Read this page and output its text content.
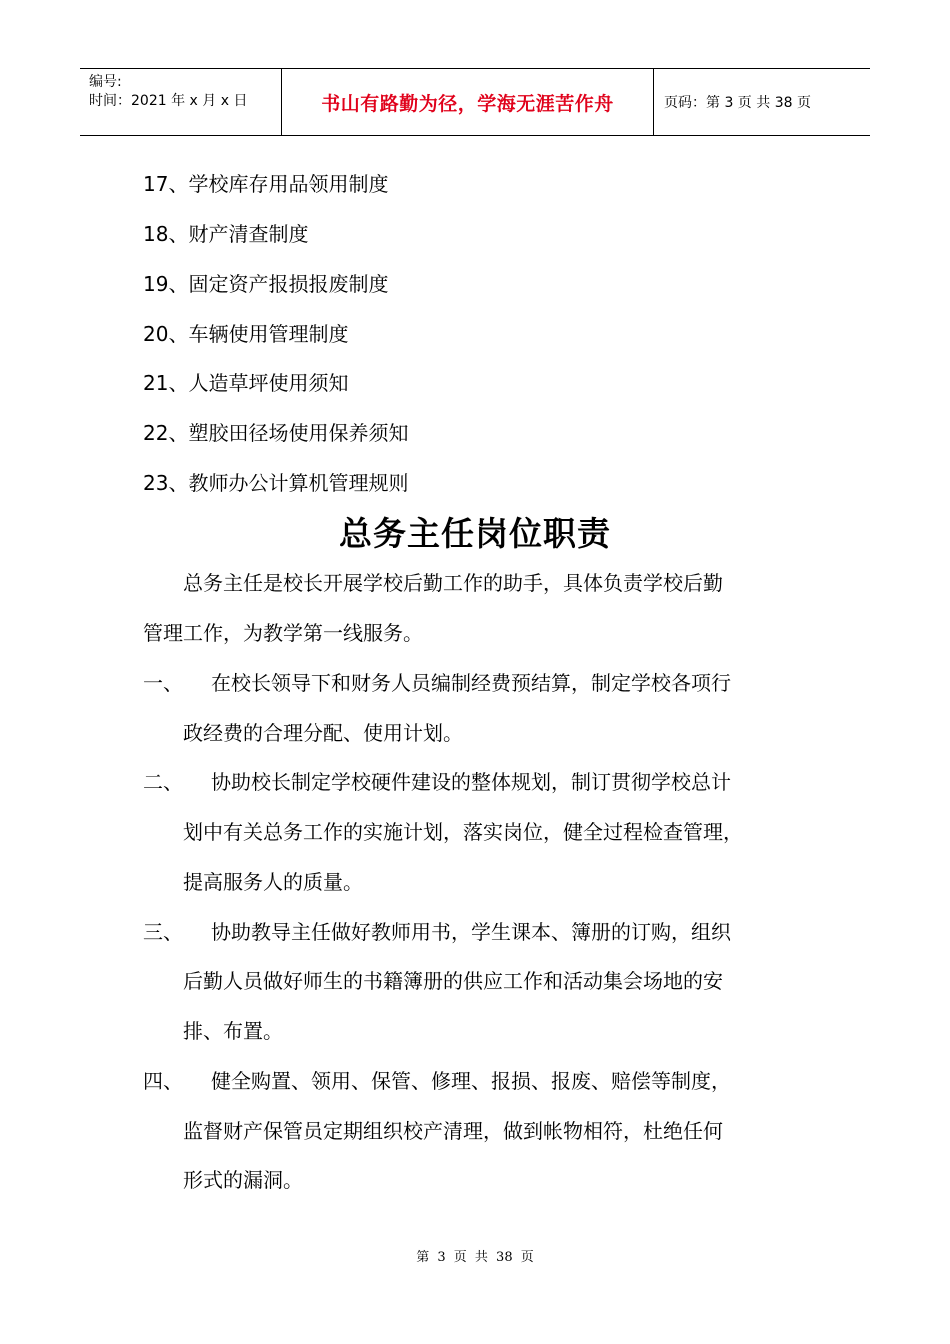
编号:
时间：2021 年 x 月 x 日	书山有路勤为径，学海无涯苦作舟	页码：第 3 页 共 38 页
17、学校库存用品领用制度
18、财产清查制度
19、固定资产报损报废制度
20、车辆使用管理制度
21、人造草坪使用须知
22、塑胶田径场使用保养须知
23、教师办公计算机管理规则
总务主任岗位职责
总务主任是校长开展学校后勤工作的助手，具体负责学校后勤
管理工作，为教学第一线服务。
一、 在校长领导下和财务人员编制经费预结算，制定学校各项行
政经费的合理分配、使用计划。
二、 协助校长制定学校硬件建设的整体规划，制订贯彻学校总计
划中有关总务工作的实施计划，落实岗位，健全过程检查管理，
提高服务人的质量。
三、 协助教导主任做好教师用书，学生课本、簿册的订购，组织
后勤人员做好师生的书籍簿册的供应工作和活动集会场地的安
排、布置。
四、 健全购置、领用、保管、修理、报损、报废、赔偿等制度，
监督财产保管员定期组织校产清理，做到帐物相符，杜绝任何
形式的漏洞。
第 3 页 共 38 页
